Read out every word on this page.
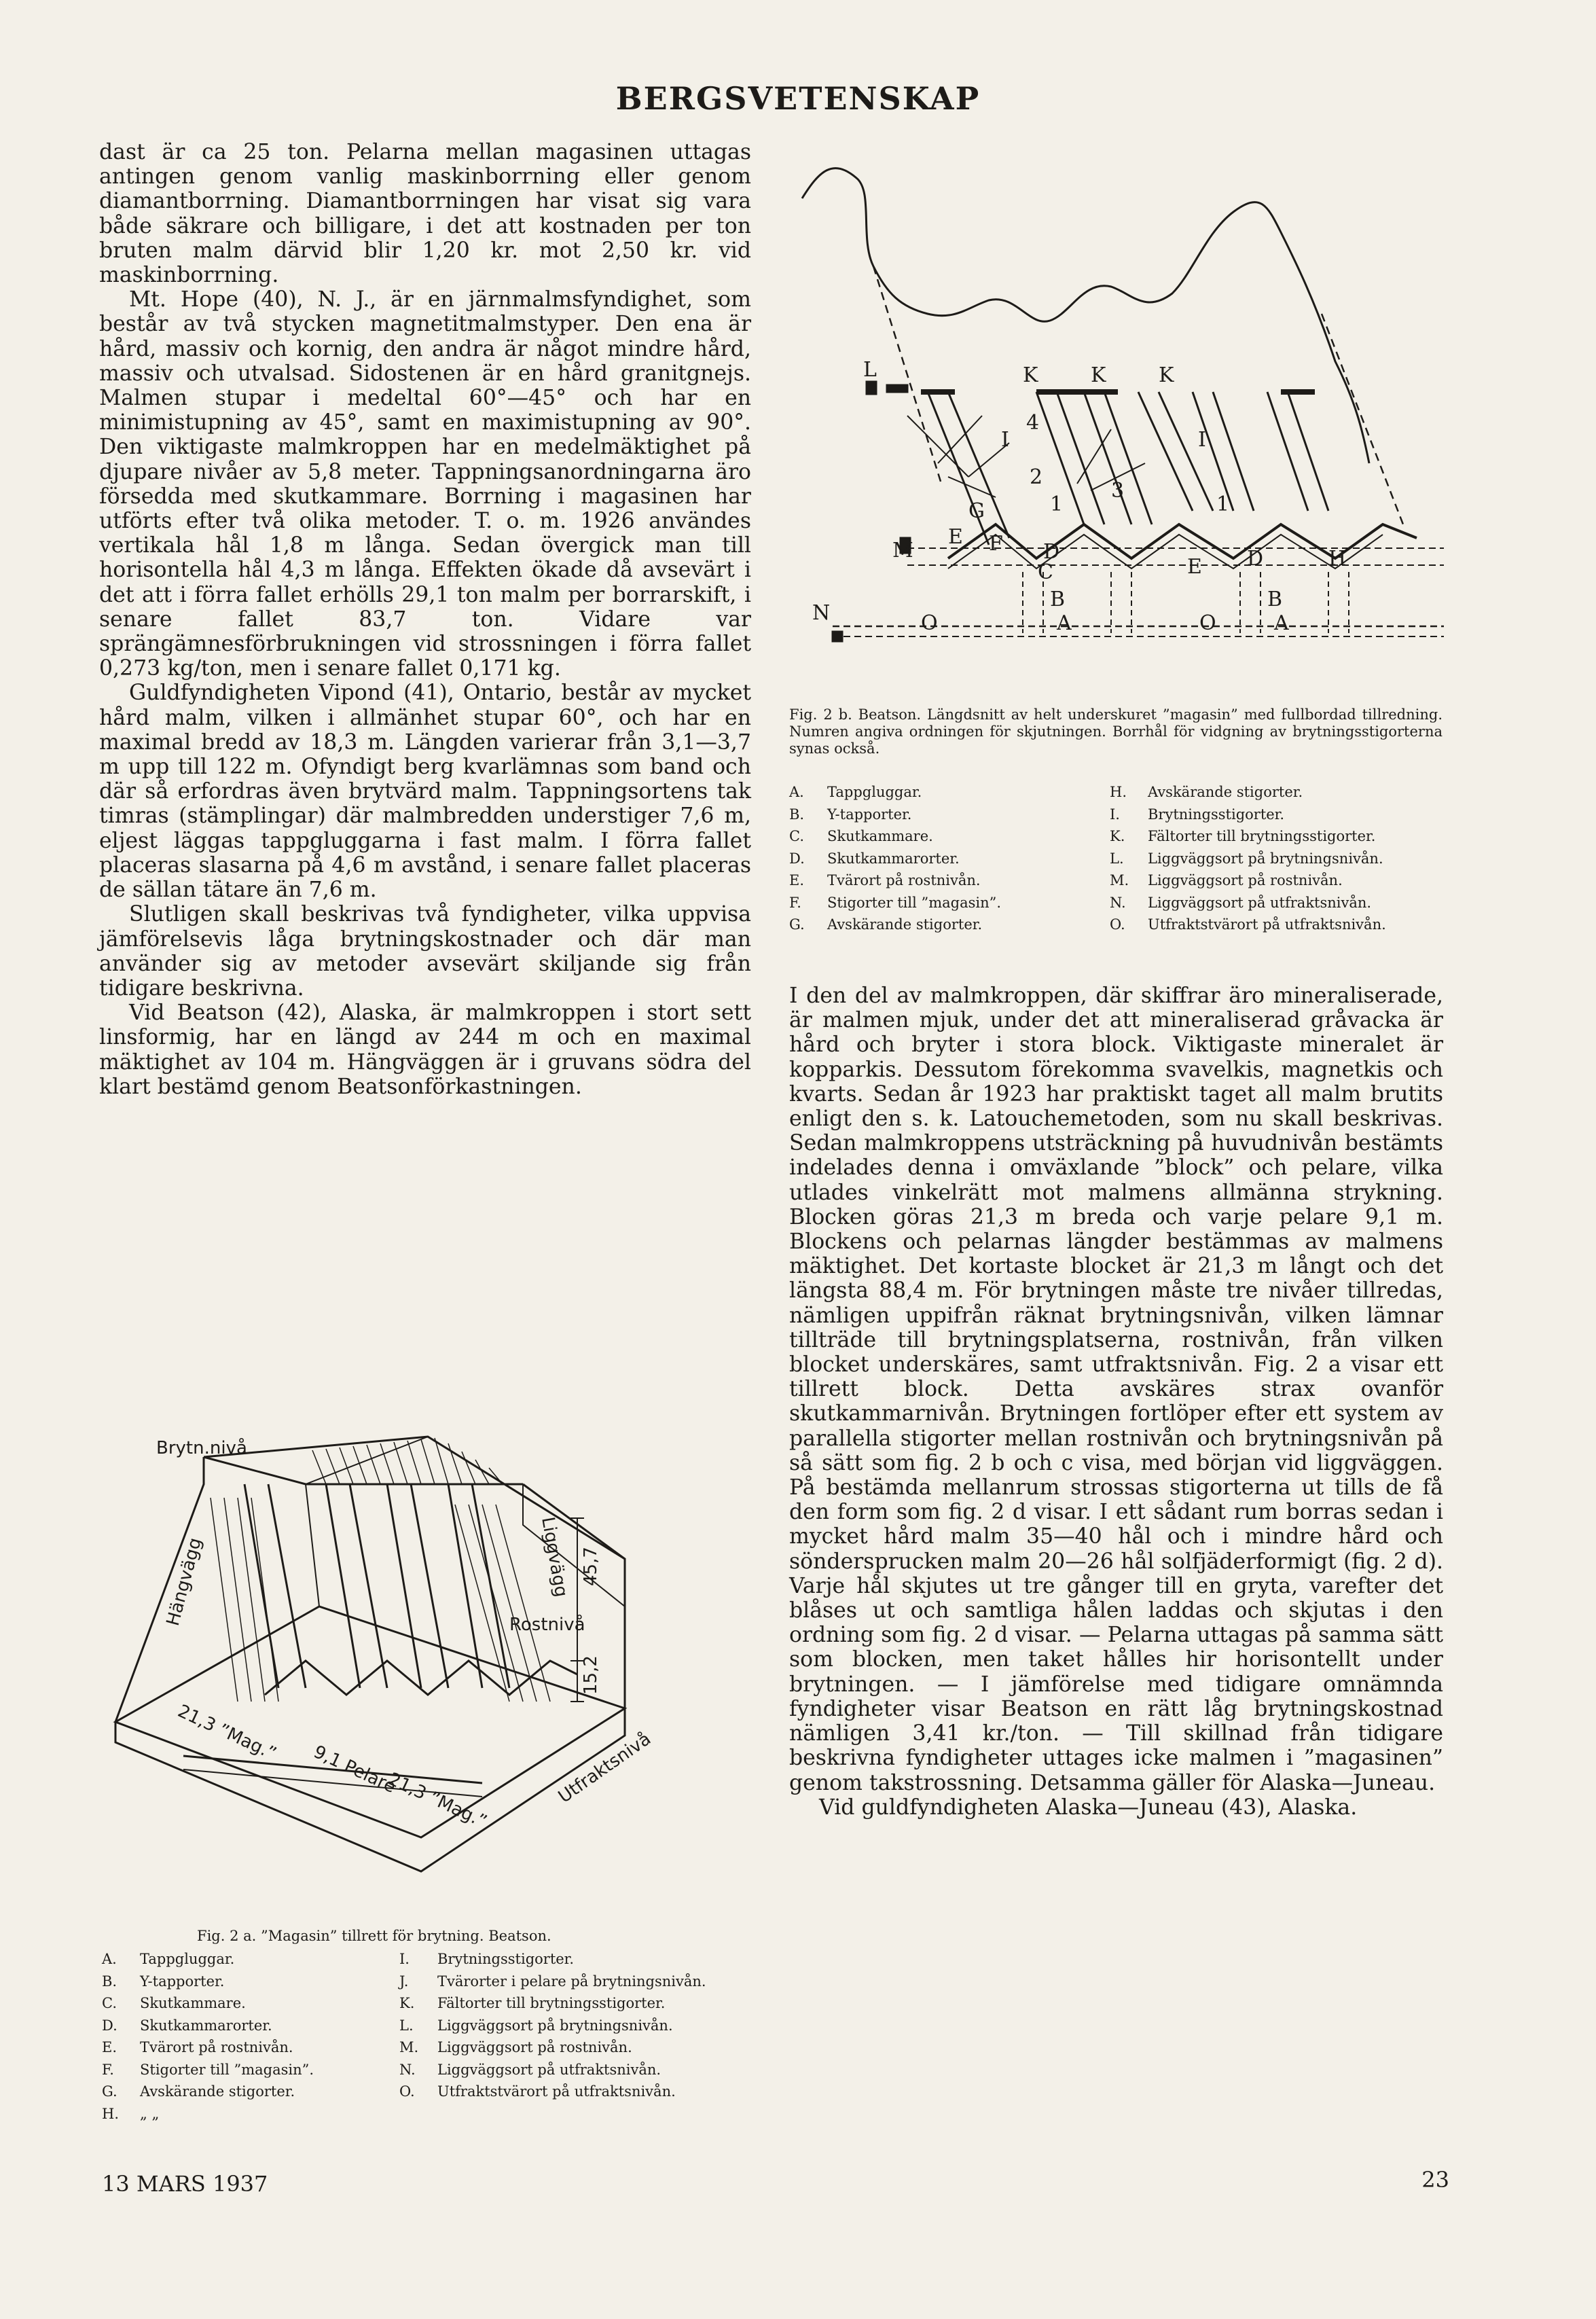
BERGSVETENSKAP

dast är ca 25 ton. Pelarna mellan magasinen uttagas antingen genom vanlig maskinborrning eller genom diamantborrning. Diamantborrningen har visat sig vara både säkrare och billigare, i det att kostnaden per ton bruten malm därvid blir 1,20 kr. mot 2,50 kr. vid maskinborrning.

Mt. Hope (40), N. J., är en järnmalmsfyndighet, som består av två stycken magnetitmalmstyper. Den ena är hård, massiv och kornig, den andra är något mindre hård, massiv och utvalsad. Sidostenen är en hård granitgnejs. Malmen stupar i medeltal 60°—45° och har en minimistupning av 45°, samt en maximistupning av 90°. Den viktigaste malmkroppen har en medelmäktighet på djupare nivåer av 5,8 meter. Tappningsanordningarna äro försedda med skutkammare. Borrning i magasinen har utförts efter två olika metoder. T. o. m. 1926 användes vertikala hål 1,8 m långa. Sedan övergick man till horisontella hål 4,3 m långa. Effekten ökade då avsevärt i det att i förra fallet erhölls 29,1 ton malm per borrarskift, i senare fallet 83,7 ton. Vidare var sprängämnesförbrukningen vid strossningen i förra fallet 0,273 kg/ton, men i senare fallet 0,171 kg.

Guldfyndigheten Vipond (41), Ontario, består av mycket hård malm, vilken i allmänhet stupar 60°, och har en maximal bredd av 18,3 m. Längden varierar från 3,1—3,7 m upp till 122 m. Ofyndigt berg kvarlämnas som band och där så erfordras även brytvärd malm. Tappningsortens tak timras (stämplingar) där malmbredden understiger 7,6 m, eljest läggas tappgluggarna i fast malm. I förra fallet placeras slasarna på 4,6 m avstånd, i senare fallet placeras de sällan tätare än 7,6 m.

Slutligen skall beskrivas två fyndigheter, vilka uppvisa jämförelsevis låga brytningskostnader och där man använder sig av metoder avsevärt skiljande sig från tidigare beskrivna.

Vid Beatson (42), Alaska, är malmkroppen i stort sett linsformig, har en längd av 244 m och en maximal mäktighet av 104 m. Hängväggen är i gruvans södra del klart bestämd genom Beatsonförkastningen.

L	K	K	K
I	I
M
E F D
C	E D	H
G
B	B
N	O	O
A	A
1	1
2
3
4
Fig. 2 b. Beatson. Längdsnitt av helt underskuret ”magasin” med fullbordad tillredning. Numren angiva ordningen för skjutningen. Borrhål för vidgning av brytningsstigorterna synas också.
A. Tappgluggar.
B. Y-tapporter.
C. Skutkammare.
D. Skutkammarorter.
E. Tvärort på rostnivån.
F. Stigorter till ”magasin”.
G. Avskärande stigorter.
H. Avskärande stigorter.
I. Brytningsstigorter.
K. Fältorter till brytningsstigorter.
L. Liggväggsort på brytningsnivån.
M. Liggväggsort på rostnivån.
N. Liggväggsort på utfraktsnivån.
O. Utfraktstvärort på utfraktsnivån.

I den del av malmkroppen, där skiffrar äro mineraliserade, är malmen mjuk, under det att mineraliserad gråvacka är hård och bryter i stora block. Viktigaste mineralet är kopparkis. Dessutom förekomma svavelkis, magnetkis och kvarts. Sedan år 1923 har praktiskt taget all malm brutits enligt den s. k. Latouchemetoden, som nu skall beskrivas. Sedan malmkroppens utsträckning på huvudnivån bestämts indelades denna i omväxlande ”block” och pelare, vilka utlades vinkelrätt mot malmens allmänna strykning. Blocken göras 21,3 m breda och varje pelare 9,1 m. Blockens och pelarnas längder bestämmas av malmens mäktighet. Det kortaste blocket är 21,3 m långt och det längsta 88,4 m. För brytningen måste tre nivåer tillredas, nämligen uppifrån räknat brytningsnivån, vilken lämnar tillträde till brytningsplatserna, rostnivån, från vilken blocket underskäres, samt utfraktsnivån. Fig. 2 a visar ett tillrett block. Detta avskäres strax ovanför skutkammarnivån. Brytningen fortlöper efter ett system av parallella stigorter mellan rostnivån och brytningsnivån på så sätt som fig. 2 b och c visa, med början vid liggväggen. På bestämda mellanrum strossas stigorterna ut tills de få den form som fig. 2 d visar. I ett sådant rum borras sedan i mycket hård malm 35—40 hål och i mindre hård och söndersprucken malm 20—26 hål solfjäderformigt (fig. 2 d). Varje hål skjutes ut tre gånger till en gryta, varefter det blåses ut och samtliga hålen laddas och skjutas i den ordning som fig. 2 d visar. — Pelarna uttagas på samma sätt som blocken, men taket hålles hir horisontellt under brytningen. — I jämförelse med tidigare omnämnda fyndigheter visar Beatson en rätt låg brytningskostnad nämligen 3,41 kr./ton. — Till skillnad från tidigare beskrivna fyndigheter uttages icke malmen i ”magasinen” genom takstrossning. Detsamma gäller för Alaska—Juneau.

Vid guldfyndigheten Alaska—Juneau (43), Alaska.

Brytn.nivå
Hängvägg	Liggvägg
Rostnivå
Utfraktsnivå
45,7
15,2
21,3 ”Mag.”
9,1 Pelare
21,3 ”Mag.”
Fig. 2 a. ”Magasin” tillrett för brytning. Beatson.
A. Tappgluggar.
B. Y-tapporter.
C. Skutkammare.
D. Skutkammarorter.
E. Tvärort på rostnivån.
F. Stigorter till ”magasin”.
G. Avskärande stigorter.
H. „ „
I. Brytningsstigorter.
J. Tvärorter i pelare på brytningsnivån.
K. Fältorter till brytningsstigorter.
L. Liggväggsort på brytningsnivån.
M. Liggväggsort på rostnivån.
N. Liggväggsort på utfraktsnivån.
O. Utfraktstvärort på utfraktsnivån.
13 MARS 1937	23
